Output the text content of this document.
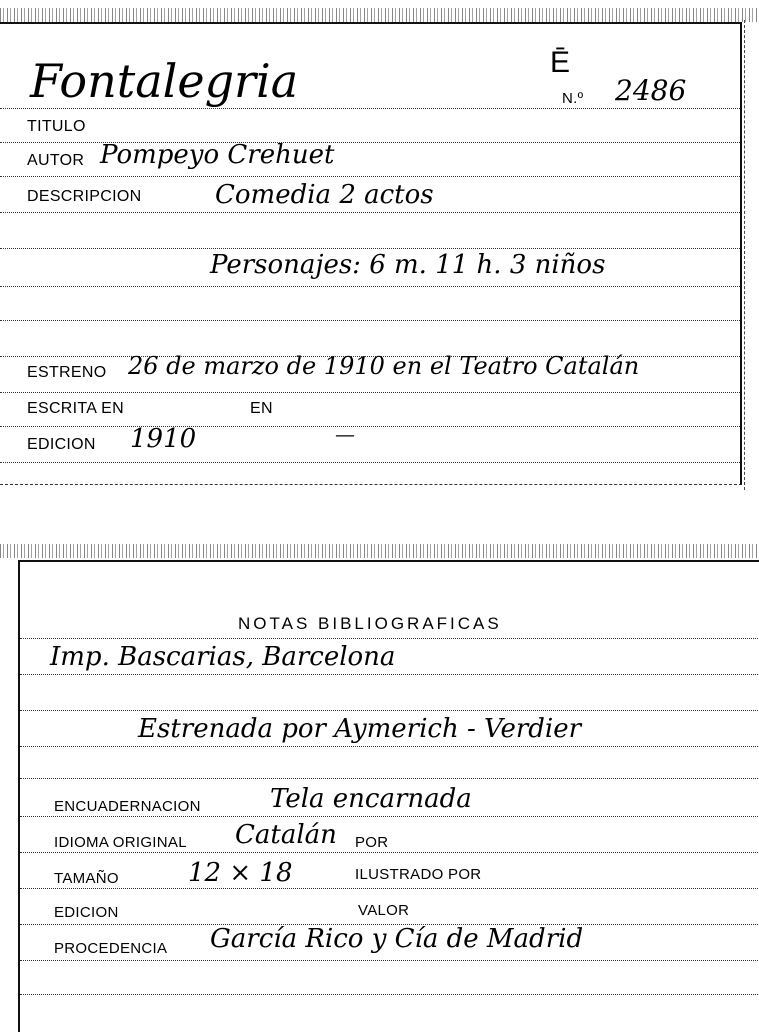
Fontalegria	Ē
N.º 2486
TITULO
AUTOR Pompeyo Crehuet
DESCRIPCION	Comedia 2 actos
Personajes: 6 m. 11 h. 3 niños
ESTRENO 26 de marzo de 1910 en el Teatro Catalán
ESCRITA EN	EN
EDICION 1910	—
NOTAS BIBLIOGRAFICAS
Imp. Bascarias, Barcelona
Estrenada por Aymerich - Verdier
ENCUADERNACION	Tela encarnada
IDIOMA ORIGINAL Catalán POR
TAMAÑO	12 × 18	ILUSTRADO POR
EDICION	VALOR
PROCEDENCIA García Rico y Cía de Madrid
